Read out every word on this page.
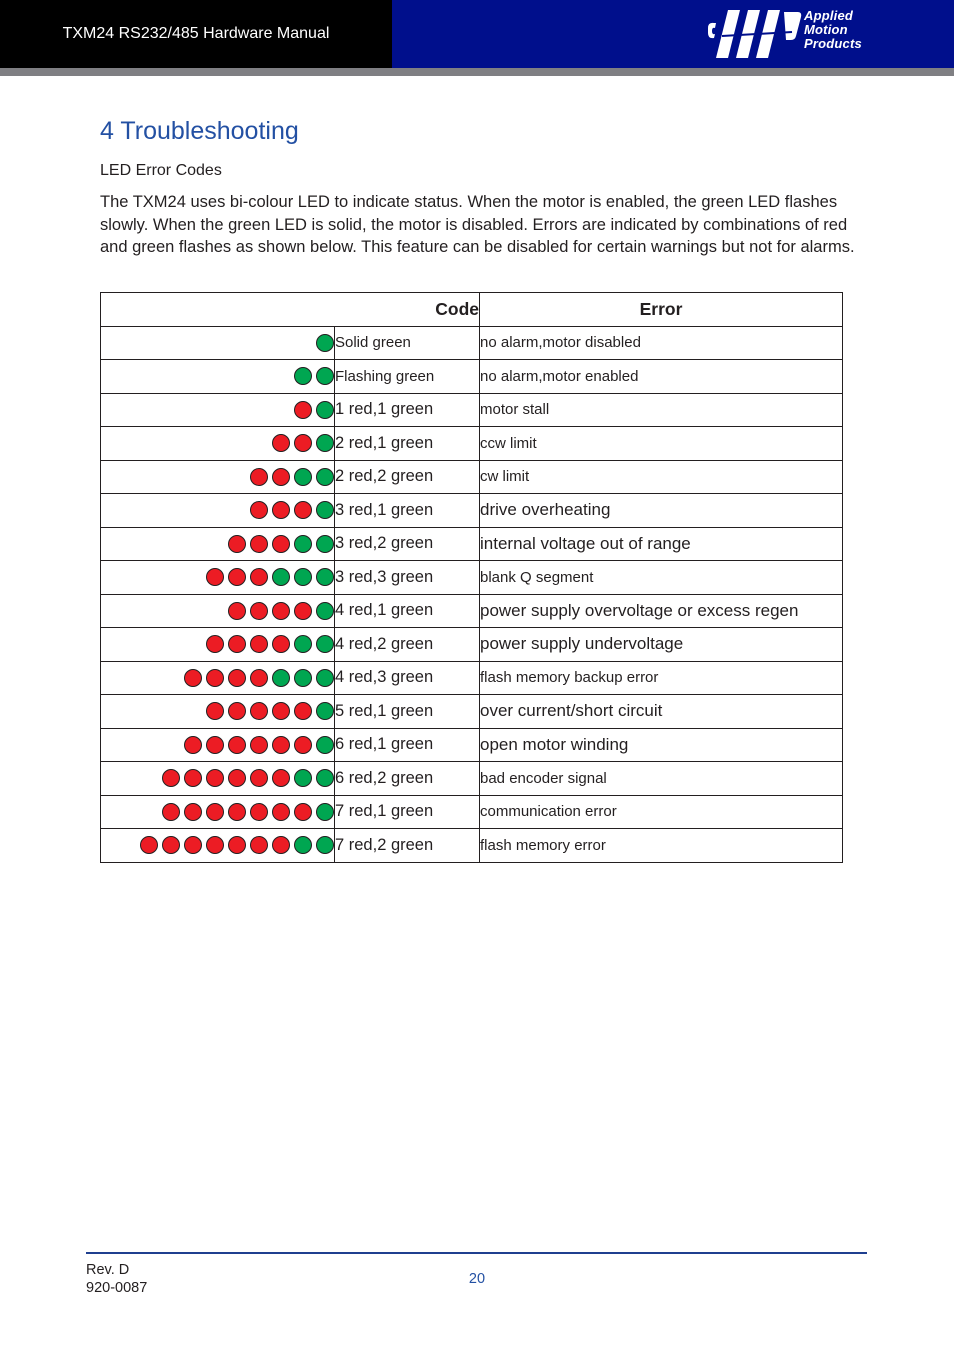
TXM24 RS232/485 Hardware Manual
Applied
Motion
Products
4 Troubleshooting
LED Error Codes
The TXM24 uses bi-colour LED to indicate status. When the motor is enabled, the green LED flashes slowly. When the green LED is solid, the motor is disabled. Errors are indicated by combinations of red and green flashes as shown below. This feature can be disabled for certain warnings but not for alarms.
Code		Error
	Solid green	no alarm,motor disabled
	Flashing green	no alarm,motor enabled
	1 red,1 green	motor stall
	2 red,1 green	ccw limit
	2 red,2 green	cw limit
	3 red,1 green	drive overheating
	3 red,2 green	internal voltage out of range
	3 red,3 green	blank Q segment
	4 red,1 green	power supply overvoltage or excess regen
	4 red,2 green	power supply undervoltage
	4 red,3 green	flash memory backup error
	5 red,1 green	over current/short circuit
	6 red,1 green	open motor winding
	6 red,2 green	bad encoder signal
	7 red,1 green	communication error
	7 red,2 green	flash memory error
Rev. D
920-0087
20
